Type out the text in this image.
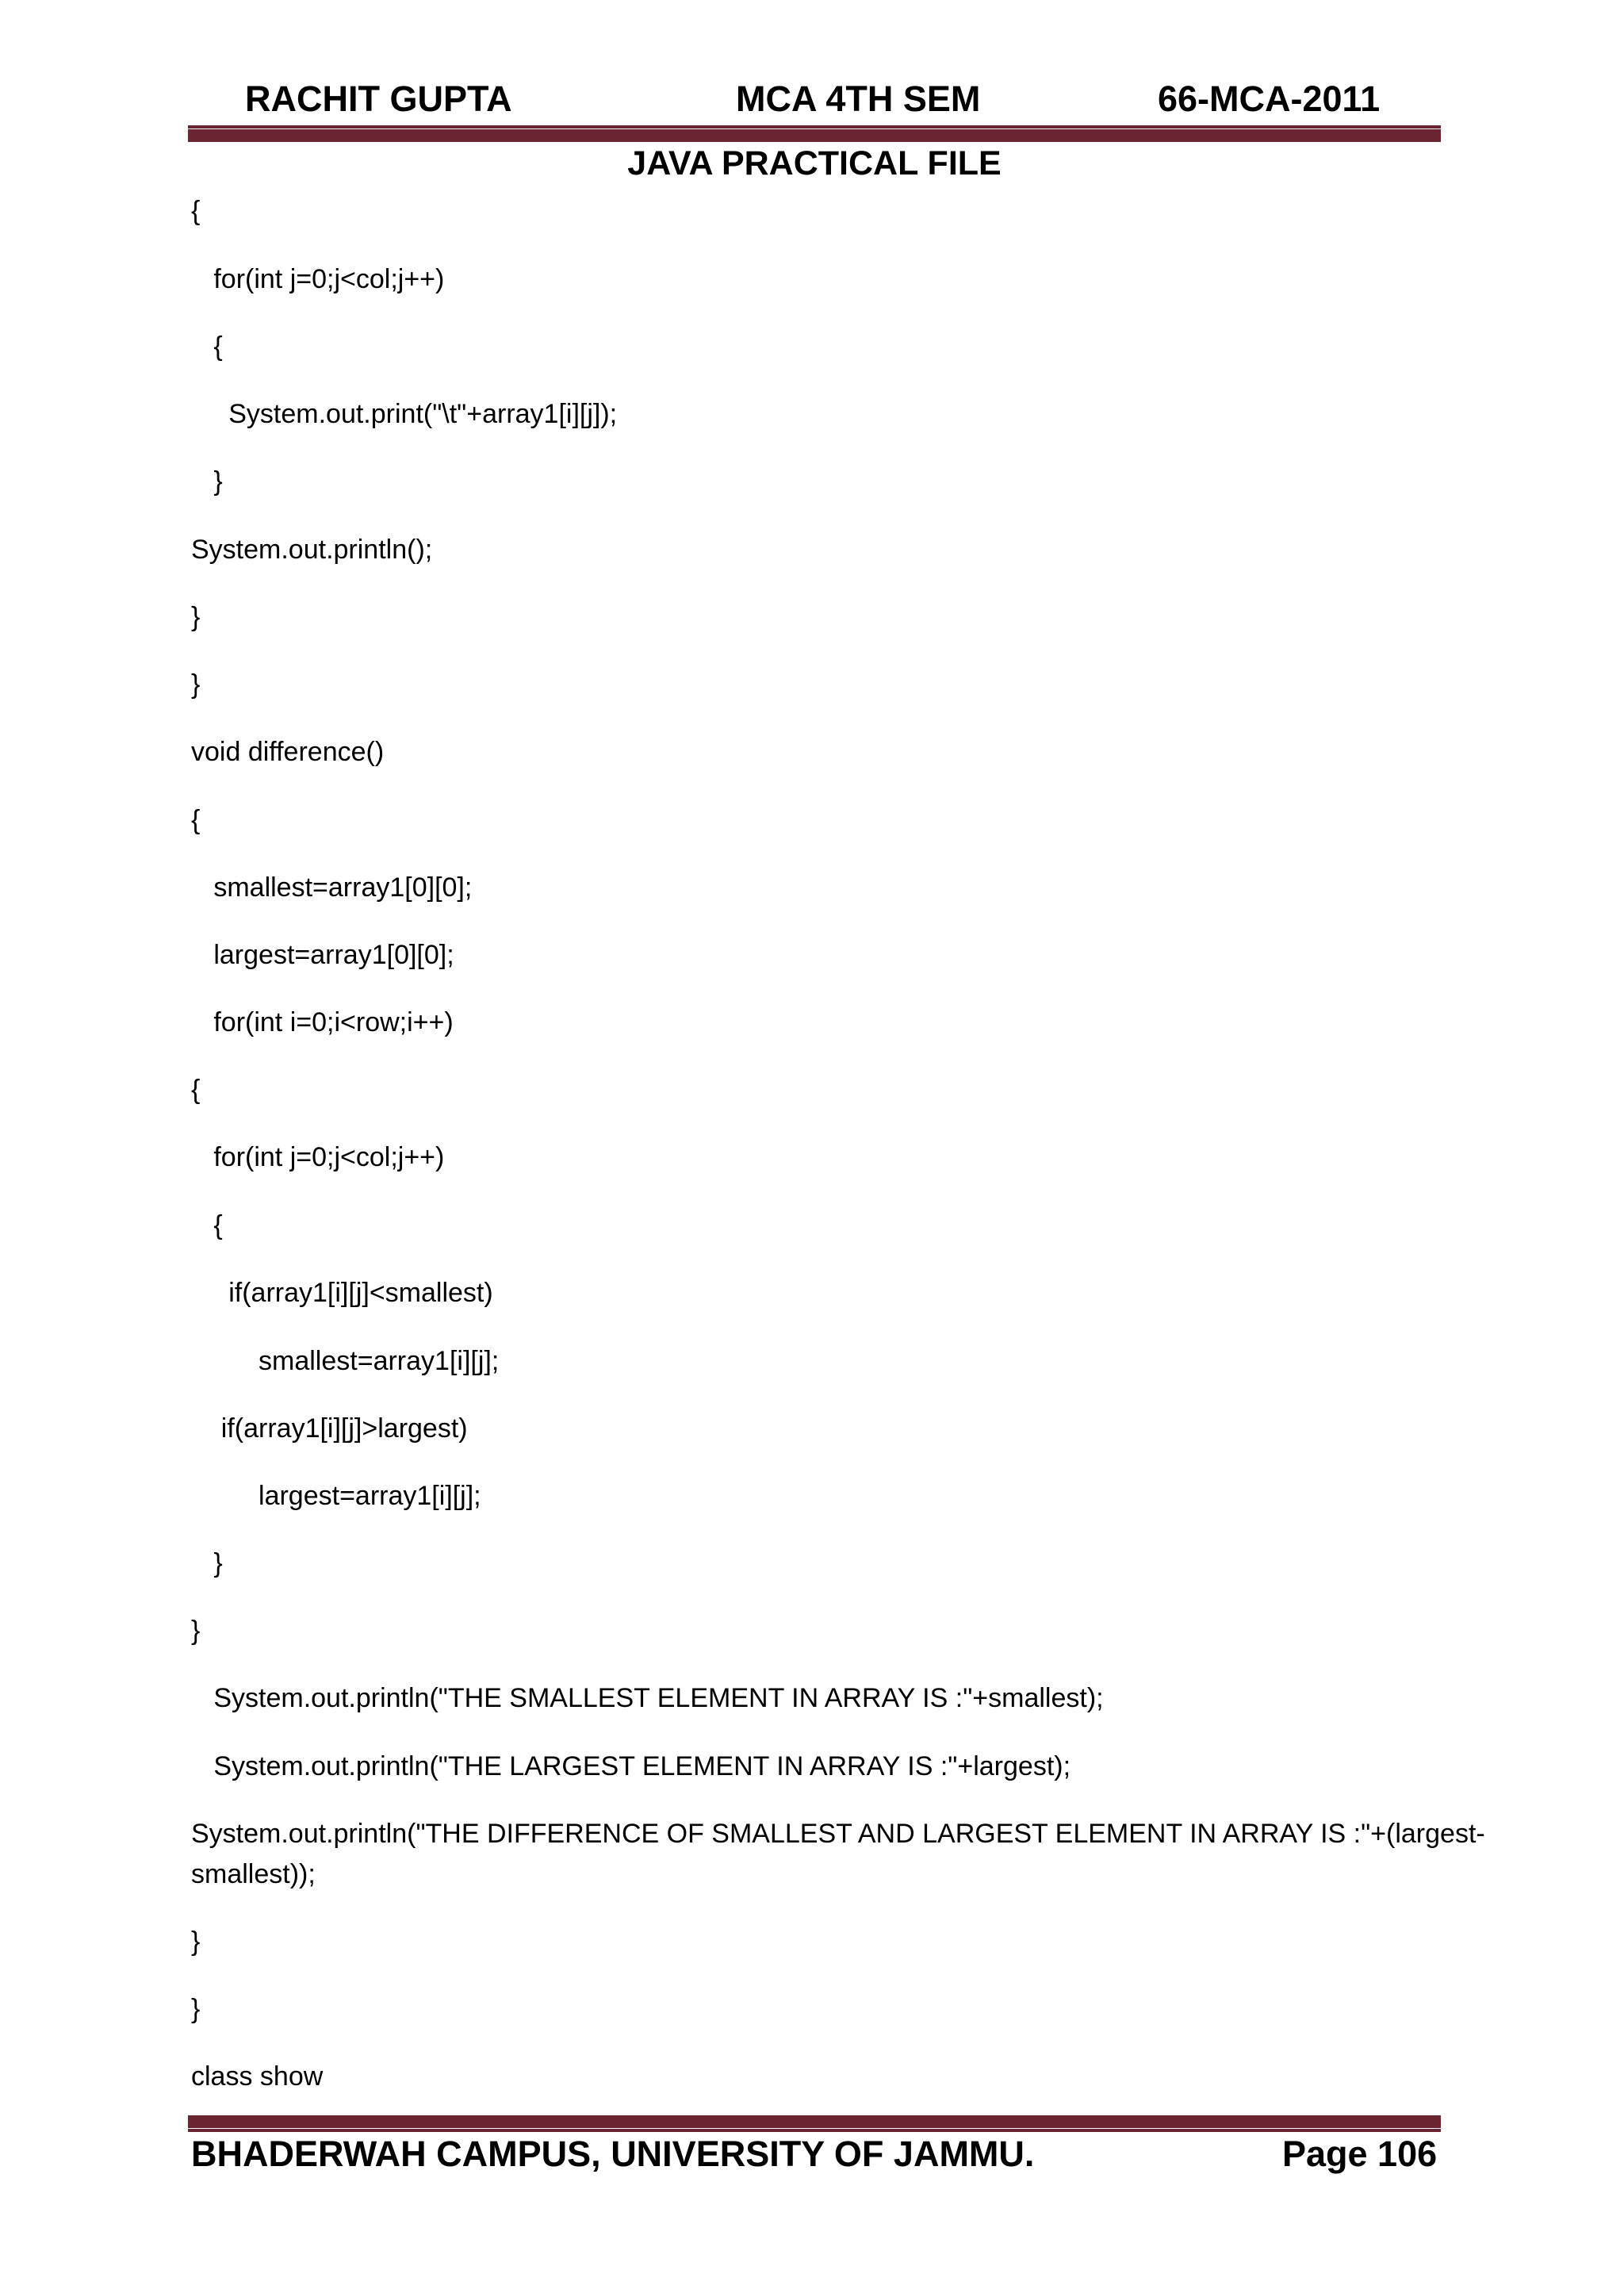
RACHIT GUPTA	MCA 4TH SEM	66-MCA-2011
JAVA PRACTICAL FILE
{
for(int j=0;j<col;j++)
{
System.out.print("\t"+array1[i][j]);
}
System.out.println();
}
}
void difference()
{
smallest=array1[0][0];
largest=array1[0][0];
for(int i=0;i<row;i++)
{
for(int j=0;j<col;j++)
{
if(array1[i][j]<smallest)
smallest=array1[i][j];
if(array1[i][j]>largest)
largest=array1[i][j];
}
}
System.out.println("THE SMALLEST ELEMENT IN ARRAY IS :"+smallest);
System.out.println("THE LARGEST ELEMENT IN ARRAY IS :"+largest);
System.out.println("THE DIFFERENCE OF SMALLEST AND LARGEST ELEMENT IN ARRAY IS :"+(largest-
smallest));
}
}
class show
BHADERWAH CAMPUS, UNIVERSITY OF JAMMU.	Page 106
